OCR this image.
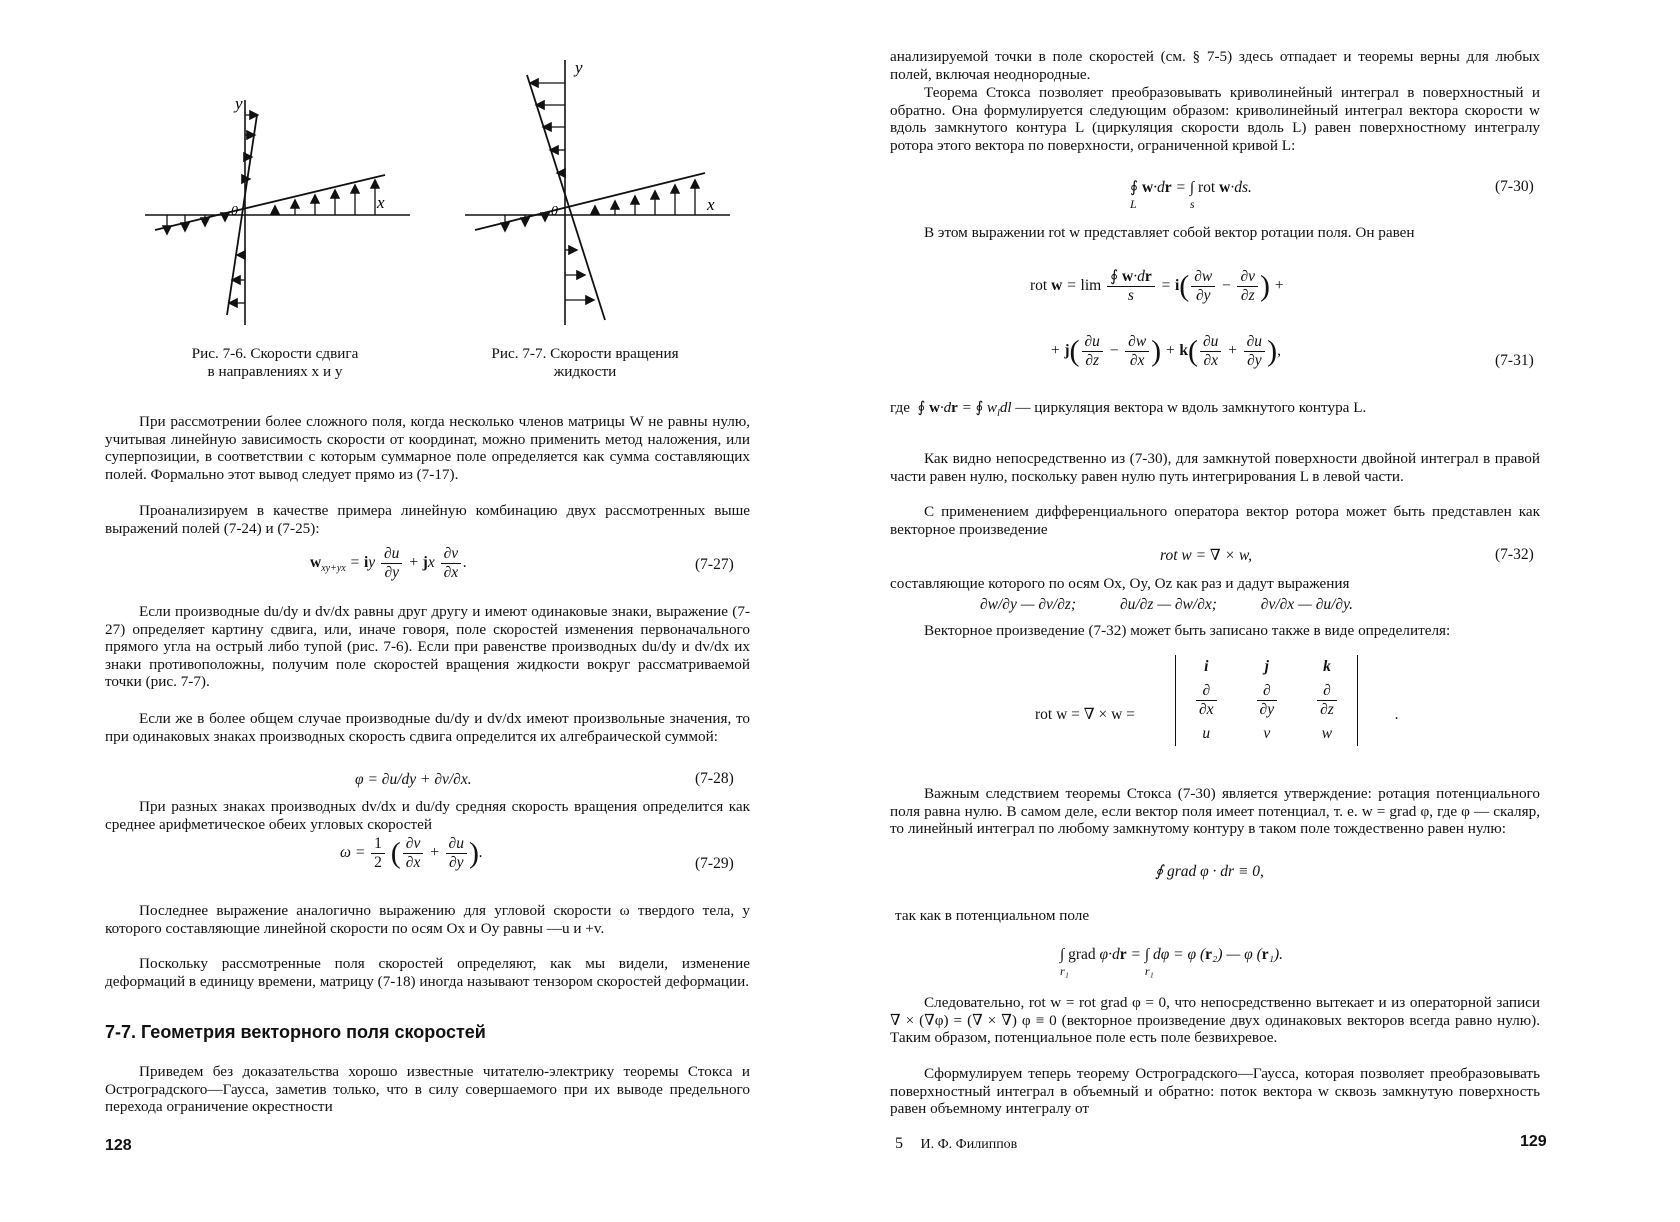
y
x
0
y
x
0
Рис. 7-6. Скорости сдвига
в направлениях x и y
Рис. 7-7. Скорости вращения
жидкости

При рассмотрении более сложного поля, когда несколько членов матрицы W не равны нулю, учитывая линейную зависимость скорости от координат, можно применить метод наложения, или суперпозиции, в соответствии с которым суммарное поле определяется как сумма составляющих полей. Формально этот вывод следует прямо из (7-17).

Проанализируем в качестве примера линейную комбинацию двух рассмотренных выше выражений полей (7-24) и (7-25):

$w_{xy+yx}$ = iy $\frac{\partial u}{\partial y}$ + jx $\frac{\partial v}{\partial x}$ .	(7-27)

Если производные du/dy и dv/dx равны друг другу и имеют одинаковые знаки, выражение (7-27) определяет картину сдвига, или, иначе говоря, поле скоростей изменения первоначального прямого угла на острый либо тупой (рис. 7-6). Если при равенстве производных du/dy и dv/dx их знаки противоположны, получим поле скоростей вращения жидкости вокруг рассматриваемой точки (рис. 7-7).

Если же в более общем случае производные du/dy и dv/dx имеют произвольные значения, то при одинаковых знаках производных скорость сдвига определится их алгебраической суммой:

φ = ∂u/dy + ∂v/∂x.	(7-28)

При разных знаках производных dv/dx и du/dy средняя скорость вращения определится как среднее арифметическое обеих угловых скоростей

$\omega = \frac{1}{2}$ ( $\frac{\partial v}{\partial x} + \frac{\partial u}{\partial y}$ ).
(7-29)

Последнее выражение аналогично выражению для угловой скорости ω твердого тела, у которого составляющие линейной скорости по осям Ox и Oy равны —u и +v.

Поскольку рассмотренные поля скоростей определяют, как мы видели, изменение деформаций в единицу времени, матрицу (7-18) иногда называют тензором скоростей деформации.

7-7. Геометрия векторного поля скоростей

Приведем без доказательства хорошо известные читателю-электрику теоремы Стокса и Остроградского—Гаусса, заметив только, что в силу совершаемого при их выводе предельного перехода ограничение окрестности

128

анализируемой точки в поле скоростей (см. § 7-5) здесь отпадает и теоремы верны для любых полей, включая неоднородные.

Теорема Стокса позволяет преобразовывать криволинейный интеграл в поверхностный и обратно. Она формулируется следующим образом: криволинейный интеграл вектора скорости w вдоль замкнутого контура L (циркуляция скорости вдоль L) равен поверхностному интегралу ротора этого вектора по поверхности, ограниченной кривой L:

∮
L
w·dr = ∫
s
rot w·ds.	(7-30)

В этом выражении rot w представляет собой вектор ротации поля. Он равен

rot $w = \lim \frac{∮ w\cdot dr}{s} = i( \frac{\partial w}{\partial y} - \frac{\partial v}{\partial z}$ ) +
+ $j( \frac{\partial u}{\partial z} - \frac{\partial w}{\partial x}$ ) + $k( \frac{\partial u}{\partial x} + \frac{\partial u}{\partial y}$ ),
(7-31)
где ∮ w·dr = ∮ $w_ldl$ — циркуляция вектора w вдоль замкнутого контура L.

Как видно непосредственно из (7-30), для замкнутой поверхности двойной интеграл в правой части равен нулю, поскольку равен нулю путь интегрирования L в левой части.

С применением дифференциального оператора вектор ротора может быть представлен как векторное произведение

rot w = ∇ × w,	(7-32)

составляющие которого по осям Ox, Oy, Oz как раз и дадут выражения

∂w/∂y — ∂v/∂z;	∂u/∂z — ∂w/∂x;	∂v/∂x — ∂u/∂y.

Векторное произведение (7-32) может быть записано также в виде определителя:

rot w = ∇ × w =
i	j	k

$\frac{\partial}{\partial x}$	$\frac{\partial}{\partial y}$	$\frac{\partial}{\partial z}$

u	v	w
.

Важным следствием теоремы Стокса (7-30) является утверждение: ротация потенциального поля равна нулю. В самом деле, если вектор поля имеет потенциал, т. е. w = grad φ, где φ — скаляр, то линейный интеграл по любому замкнутому контуру в таком поле тождественно равен нулю:

∮ grad φ · dr ≡ 0,

так как в потенциальном поле

∫
r₁
grad φ·dr = ∫
r₁
dφ = φ (r₂) — φ (r₁).

Следовательно, rot w = rot grad φ = 0, что непосредственно вытекает и из операторной записи ∇ × (∇φ) = (∇ × ∇) φ ≡ 0 (векторное произведение двух одинаковых векторов всегда равно нулю). Таким образом, потенциальное поле есть поле безвихревое.

Сформулируем теперь теорему Остроградского—Гаусса, которая позволяет преобразовывать поверхностный интеграл в объемный и обратно: поток вектора w сквозь замкнутую поверхность равен объемному интегралу от

5 И. Ф. Филиппов	129
